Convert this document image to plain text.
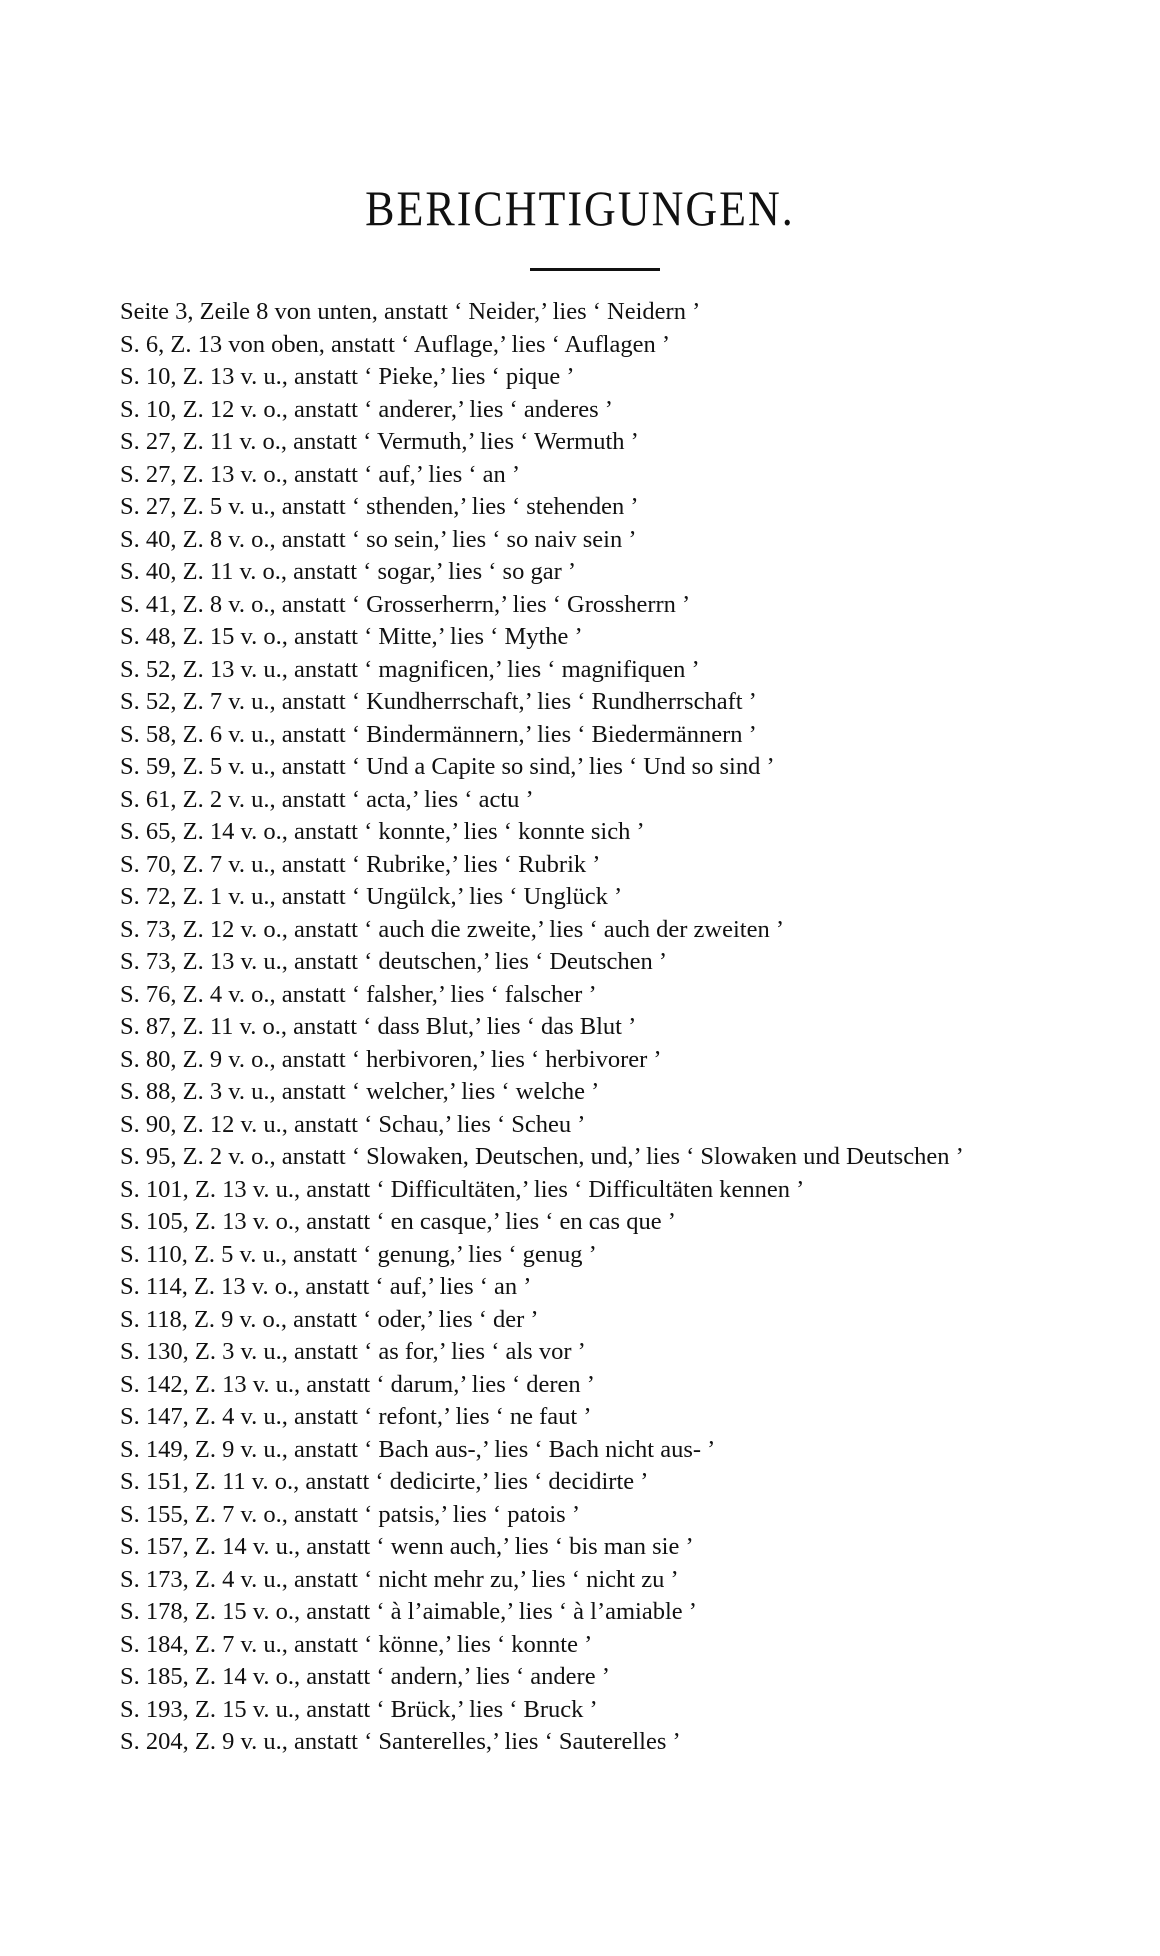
BERICHTIGUNGEN.
Seite 3, Zeile 8 von unten, anstatt ‘ Neider,’ lies ‘ Neidern ’
S. 6, Z. 13 von oben, anstatt ‘ Auflage,’ lies ‘ Auflagen ’
S. 10, Z. 13 v. u., anstatt ‘ Pieke,’ lies ‘ pique ’
S. 10, Z. 12 v. o., anstatt ‘ anderer,’ lies ‘ anderes ’
S. 27, Z. 11 v. o., anstatt ‘ Vermuth,’ lies ‘ Wermuth ’
S. 27, Z. 13 v. o., anstatt ‘ auf,’ lies ‘ an ’
S. 27, Z. 5 v. u., anstatt ‘ sthenden,’ lies ‘ stehenden ’
S. 40, Z. 8 v. o., anstatt ‘ so sein,’ lies ‘ so naiv sein ’
S. 40, Z. 11 v. o., anstatt ‘ sogar,’ lies ‘ so gar ’
S. 41, Z. 8 v. o., anstatt ‘ Grosserherrn,’ lies ‘ Grossherrn ’
S. 48, Z. 15 v. o., anstatt ‘ Mitte,’ lies ‘ Mythe ’
S. 52, Z. 13 v. u., anstatt ‘ magnificen,’ lies ‘ magnifiquen ’
S. 52, Z. 7 v. u., anstatt ‘ Kundherrschaft,’ lies ‘ Rundherrschaft ’
S. 58, Z. 6 v. u., anstatt ‘ Bindermännern,’ lies ‘ Biedermännern ’
S. 59, Z. 5 v. u., anstatt ‘ Und a Capite so sind,’ lies ‘ Und so sind ’
S. 61, Z. 2 v. u., anstatt ‘ acta,’ lies ‘ actu ’
S. 65, Z. 14 v. o., anstatt ‘ konnte,’ lies ‘ konnte sich ’
S. 70, Z. 7 v. u., anstatt ‘ Rubrike,’ lies ‘ Rubrik ’
S. 72, Z. 1 v. u., anstatt ‘ Ungülck,’ lies ‘ Unglück ’
S. 73, Z. 12 v. o., anstatt ‘ auch die zweite,’ lies ‘ auch der zweiten ’
S. 73, Z. 13 v. u., anstatt ‘ deutschen,’ lies ‘ Deutschen ’
S. 76, Z. 4 v. o., anstatt ‘ falsher,’ lies ‘ falscher ’
S. 87, Z. 11 v. o., anstatt ‘ dass Blut,’ lies ‘ das Blut ’
S. 80, Z. 9 v. o., anstatt ‘ herbivoren,’ lies ‘ herbivorer ’
S. 88, Z. 3 v. u., anstatt ‘ welcher,’ lies ‘ welche ’
S. 90, Z. 12 v. u., anstatt ‘ Schau,’ lies ‘ Scheu ’
S. 95, Z. 2 v. o., anstatt ‘ Slowaken, Deutschen, und,’ lies ‘ Slowaken und Deutschen ’
S. 101, Z. 13 v. u., anstatt ‘ Difficultäten,’ lies ‘ Difficultäten kennen ’
S. 105, Z. 13 v. o., anstatt ‘ en casque,’ lies ‘ en cas que ’
S. 110, Z. 5 v. u., anstatt ‘ genung,’ lies ‘ genug ’
S. 114, Z. 13 v. o., anstatt ‘ auf,’ lies ‘ an ’
S. 118, Z. 9 v. o., anstatt ‘ oder,’ lies ‘ der ’
S. 130, Z. 3 v. u., anstatt ‘ as for,’ lies ‘ als vor ’
S. 142, Z. 13 v. u., anstatt ‘ darum,’ lies ‘ deren ’
S. 147, Z. 4 v. u., anstatt ‘ refont,’ lies ‘ ne faut ’
S. 149, Z. 9 v. u., anstatt ‘ Bach aus-,’ lies ‘ Bach nicht aus- ’
S. 151, Z. 11 v. o., anstatt ‘ dedicirte,’ lies ‘ decidirte ’
S. 155, Z. 7 v. o., anstatt ‘ patsis,’ lies ‘ patois ’
S. 157, Z. 14 v. u., anstatt ‘ wenn auch,’ lies ‘ bis man sie ’
S. 173, Z. 4 v. u., anstatt ‘ nicht mehr zu,’ lies ‘ nicht zu ’
S. 178, Z. 15 v. o., anstatt ‘ à l’aimable,’ lies ‘ à l’amiable ’
S. 184, Z. 7 v. u., anstatt ‘ könne,’ lies ‘ konnte ’
S. 185, Z. 14 v. o., anstatt ‘ andern,’ lies ‘ andere ’
S. 193, Z. 15 v. u., anstatt ‘ Brück,’ lies ‘ Bruck ’
S. 204, Z. 9 v. u., anstatt ‘ Santerelles,’ lies ‘ Sauterelles ’
